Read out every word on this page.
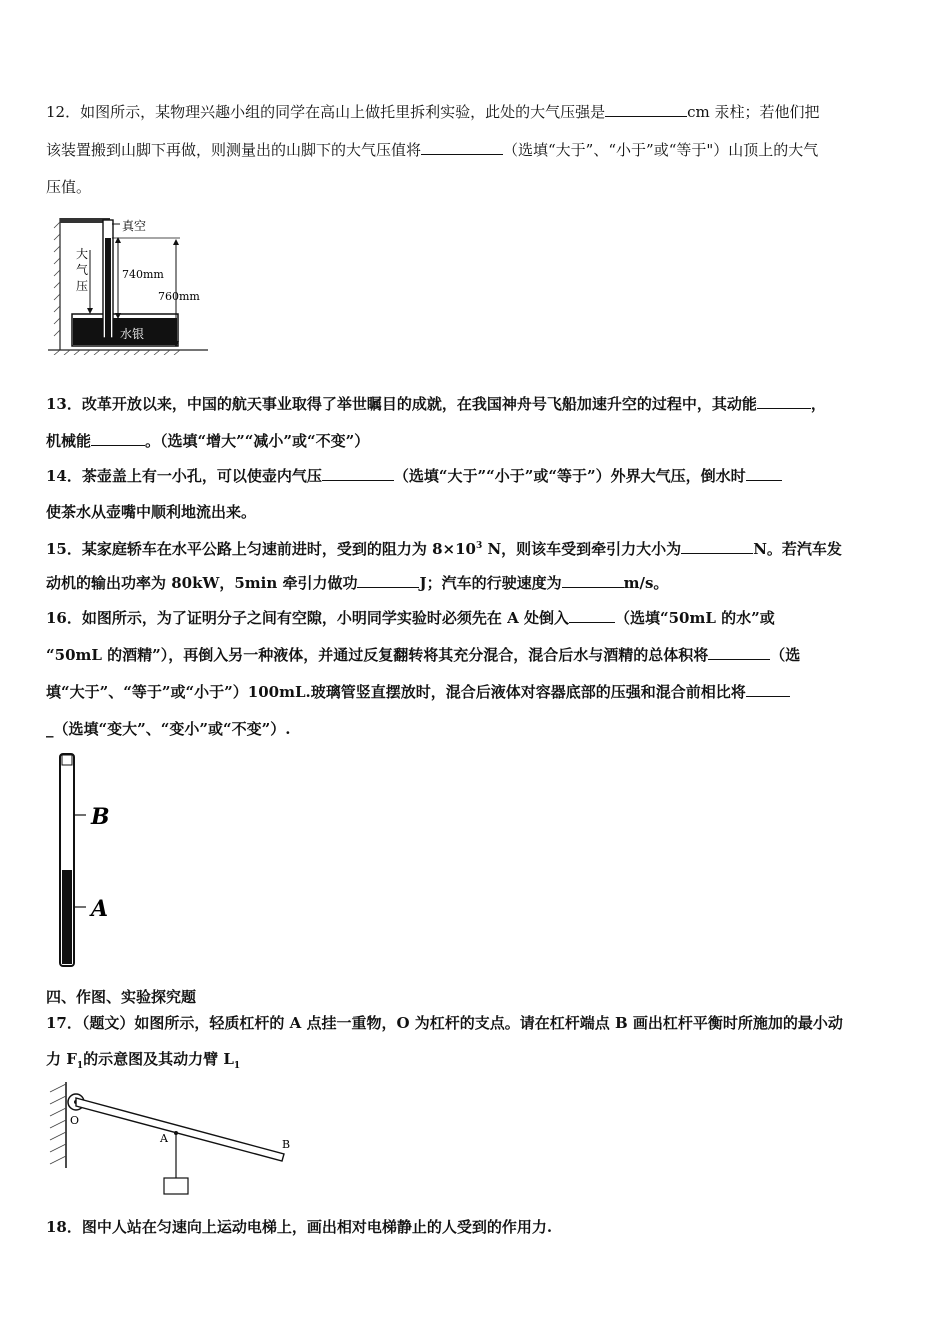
12．如图所示，某物理兴趣小组的同学在高山上做托里拆利实验，此处的大气压强是	cm 汞柱；若他们把
该装置搬到山脚下再做，则测量出的山脚下的大气压值将	（选填“大于”、“小于”或“等于"）山顶上的大气
压值。
真空
大
气
压
740mm
760mm
水银
13．改革开放以来，中国的航天事业取得了举世瞩目的成就，在我国神舟号飞船加速升空的过程中，其动能	，
机械能	。（选填“增大”“减小”或“不变”）
14．茶壶盖上有一小孔，可以使壶内气压	（选填“大于”“小于”或“等于”）外界大气压，倒水时
使茶水从壶嘴中顺利地流出来。
15．某家庭轿车在水平公路上匀速前进时，受到的阻力为 $8\times 10^3$ N，则该车受到牵引力大小为	N。若汽车发
动机的输出功率为 80kW，5min 牵引力做功	J；汽车的行驶速度为	m/s。
16．如图所示，为了证明分子之间有空隙，小明同学实验时必须先在 A 处倒入	（选填“50mL 的水”或
“50mL 的酒精”），再倒入另一种液体，并通过反复翻转将其充分混合，混合后水与酒精的总体积将	（选
填“大于”、“等于”或“小于”）100mL.玻璃管竖直摆放时，混合后液体对容器底部的压强和混合前相比将
_（选填“变大”、“变小”或“不变”）.
B
A
四、作图、实验探究题
17．（题文）如图所示，轻质杠杆的 A 点挂一重物，O 为杠杆的支点。请在杠杆端点 B 画出杠杆平衡时所施加的最小动
力 $F_1$的示意图及其动力臂 $L_1$
O
A	B
18．图中人站在匀速向上运动电梯上，画出相对电梯静止的人受到的作用力.
